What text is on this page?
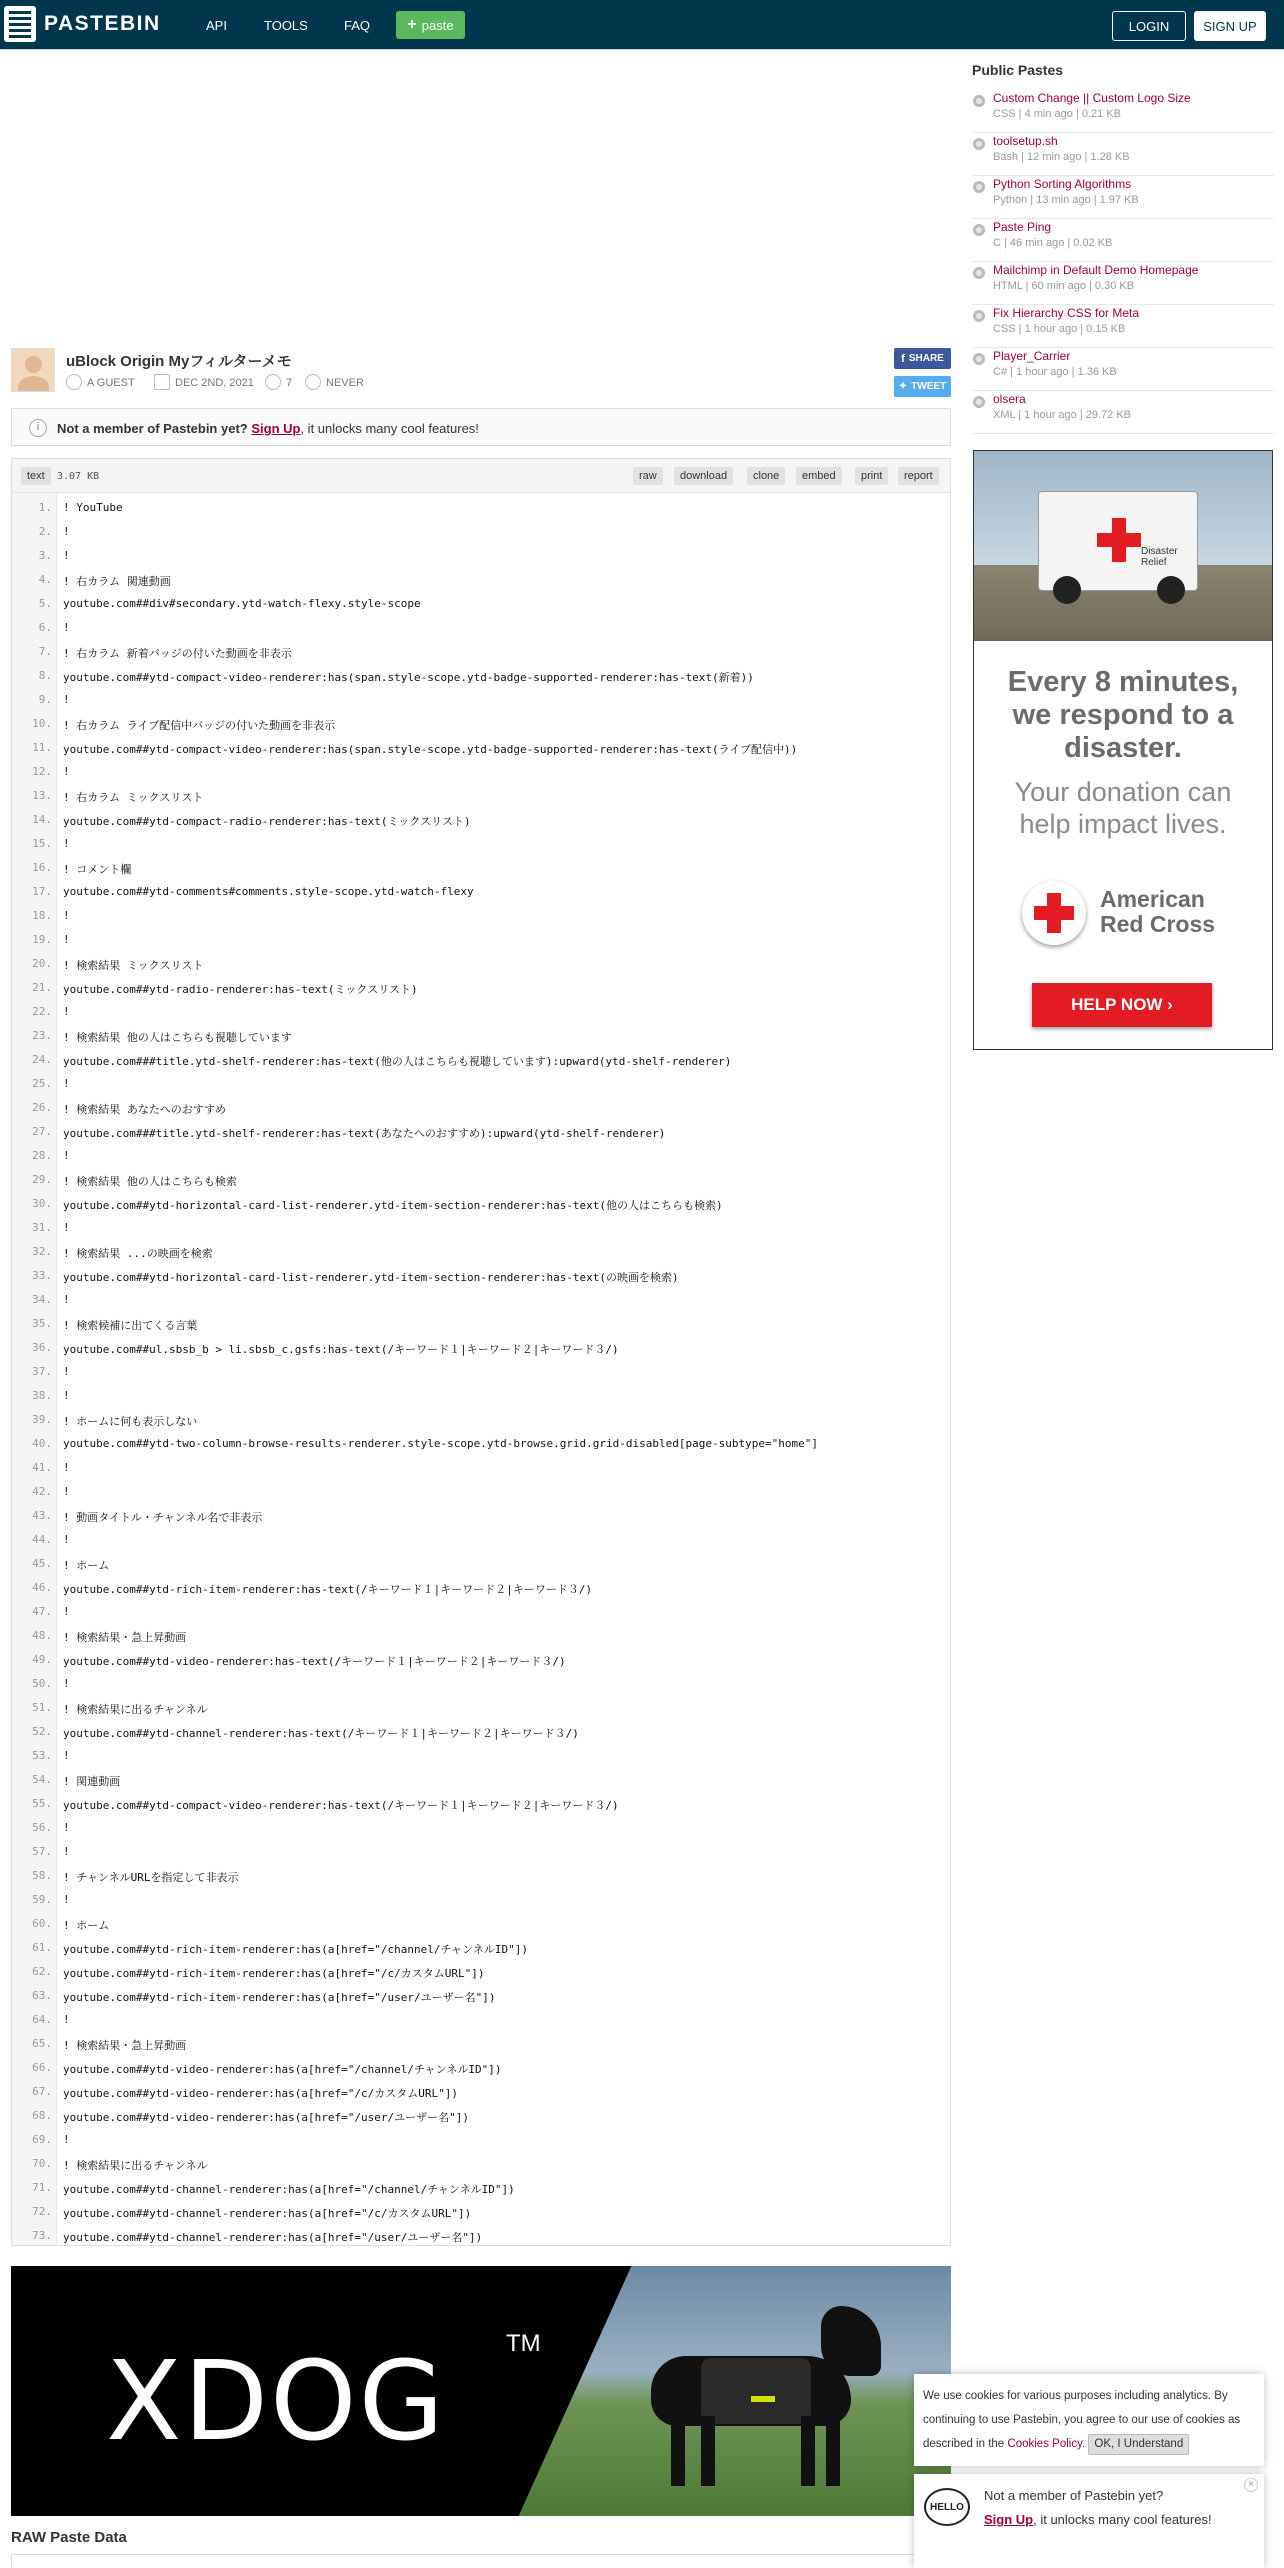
PASTEBIN	API	TOOLS	FAQ + paste	LOGIN	SIGN UP
Public Pastes
Custom Change || Custom Logo Size
CSS | 4 min ago | 0.21 KB
toolsetup.sh
Bash | 12 min ago | 1.28 KB
Python Sorting Algorithms
Python | 13 min ago | 1.97 KB
Paste Ping
C | 46 min ago | 0.02 KB
Mailchimp in Default Demo Homepage
HTML | 60 min ago | 0.30 KB
Fix Hierarchy CSS for Meta
CSS | 1 hour ago | 0.15 KB
Player_Carrier
C# | 1 hour ago | 1.36 KB
olsera
XML | 1 hour ago | 29.72 KB
Disaster Relief
Every 8 minutes, we respond to a disaster.
Your donation can help impact lives.
American Red Cross
HELP NOW ›
uBlock Origin Myフィルターメモ
A GUEST	DEC 2ND, 2021	7	NEVER
f SHARE
✦ TWEET
i	Not a member of Pastebin yet? Sign Up, it unlocks many cool features!
text	3.07 KB	raw	download	clone	embed	print	report
1. ! YouTube
2. !
3. !
4. ! 右カラム 関連動画
5. youtube.com##div#secondary.ytd-watch-flexy.style-scope
6. !
7. ! 右カラム 新着バッジの付いた動画を非表示
8. youtube.com##ytd-compact-video-renderer:has(span.style-scope.ytd-badge-supported-renderer:has-text(新着))
9. !
10. ! 右カラム ライブ配信中バッジの付いた動画を非表示
11. youtube.com##ytd-compact-video-renderer:has(span.style-scope.ytd-badge-supported-renderer:has-text(ライブ配信中))
12. !
13. ! 右カラム ミックスリスト
14. youtube.com##ytd-compact-radio-renderer:has-text(ミックスリスト)
15. !
16. ! コメント欄
17. youtube.com##ytd-comments#comments.style-scope.ytd-watch-flexy
18. !
19. !
20. ! 検索結果 ミックスリスト
21. youtube.com##ytd-radio-renderer:has-text(ミックスリスト)
22. !
23. ! 検索結果 他の人はこちらも視聴しています
24. youtube.com###title.ytd-shelf-renderer:has-text(他の人はこちらも視聴しています):upward(ytd-shelf-renderer)
25. !
26. ! 検索結果 あなたへのおすすめ
27. youtube.com###title.ytd-shelf-renderer:has-text(あなたへのおすすめ):upward(ytd-shelf-renderer)
28. !
29. ! 検索結果 他の人はこちらも検索
30. youtube.com##ytd-horizontal-card-list-renderer.ytd-item-section-renderer:has-text(他の人はこちらも検索)
31. !
32. ! 検索結果 ...の映画を検索
33. youtube.com##ytd-horizontal-card-list-renderer.ytd-item-section-renderer:has-text(の映画を検索)
34. !
35. ! 検索候補に出てくる言葉
36. youtube.com##ul.sbsb_b > li.sbsb_c.gsfs:has-text(/キーワード１|キーワード２|キーワード３/)
37. !
38. !
39. ! ホームに何も表示しない
40. youtube.com##ytd-two-column-browse-results-renderer.style-scope.ytd-browse.grid.grid-disabled[page-subtype="home"]
41. !
42. !
43. ! 動画タイトル・チャンネル名で非表示
44. !
45. ! ホーム
46. youtube.com##ytd-rich-item-renderer:has-text(/キーワード１|キーワード２|キーワード３/)
47. !
48. ! 検索結果・急上昇動画
49. youtube.com##ytd-video-renderer:has-text(/キーワード１|キーワード２|キーワード３/)
50. !
51. ! 検索結果に出るチャンネル
52. youtube.com##ytd-channel-renderer:has-text(/キーワード１|キーワード２|キーワード３/)
53. !
54. ! 関連動画
55. youtube.com##ytd-compact-video-renderer:has-text(/キーワード１|キーワード２|キーワード３/)
56. !
57. !
58. ! チャンネルURLを指定して非表示
59. !
60. ! ホーム
61. youtube.com##ytd-rich-item-renderer:has(a[href="/channel/チャンネルID"])
62. youtube.com##ytd-rich-item-renderer:has(a[href="/c/カスタムURL"])
63. youtube.com##ytd-rich-item-renderer:has(a[href="/user/ユーザー名"])
64. !
65. ! 検索結果・急上昇動画
66. youtube.com##ytd-video-renderer:has(a[href="/channel/チャンネルID"])
67. youtube.com##ytd-video-renderer:has(a[href="/c/カスタムURL"])
68. youtube.com##ytd-video-renderer:has(a[href="/user/ユーザー名"])
69. !
70. ! 検索結果に出るチャンネル
71. youtube.com##ytd-channel-renderer:has(a[href="/channel/チャンネルID"])
72. youtube.com##ytd-channel-renderer:has(a[href="/c/カスタムURL"])
73. youtube.com##ytd-channel-renderer:has(a[href="/user/ユーザー名"])
XDOG	TM
RAW Paste Data
We use cookies for various purposes including analytics. By continuing to use Pastebin, you agree to our use of cookies as described in the Cookies Policy. OK, I Understand
HELLO
Not a member of Pastebin yet?
Sign Up, it unlocks many cool features!
×
